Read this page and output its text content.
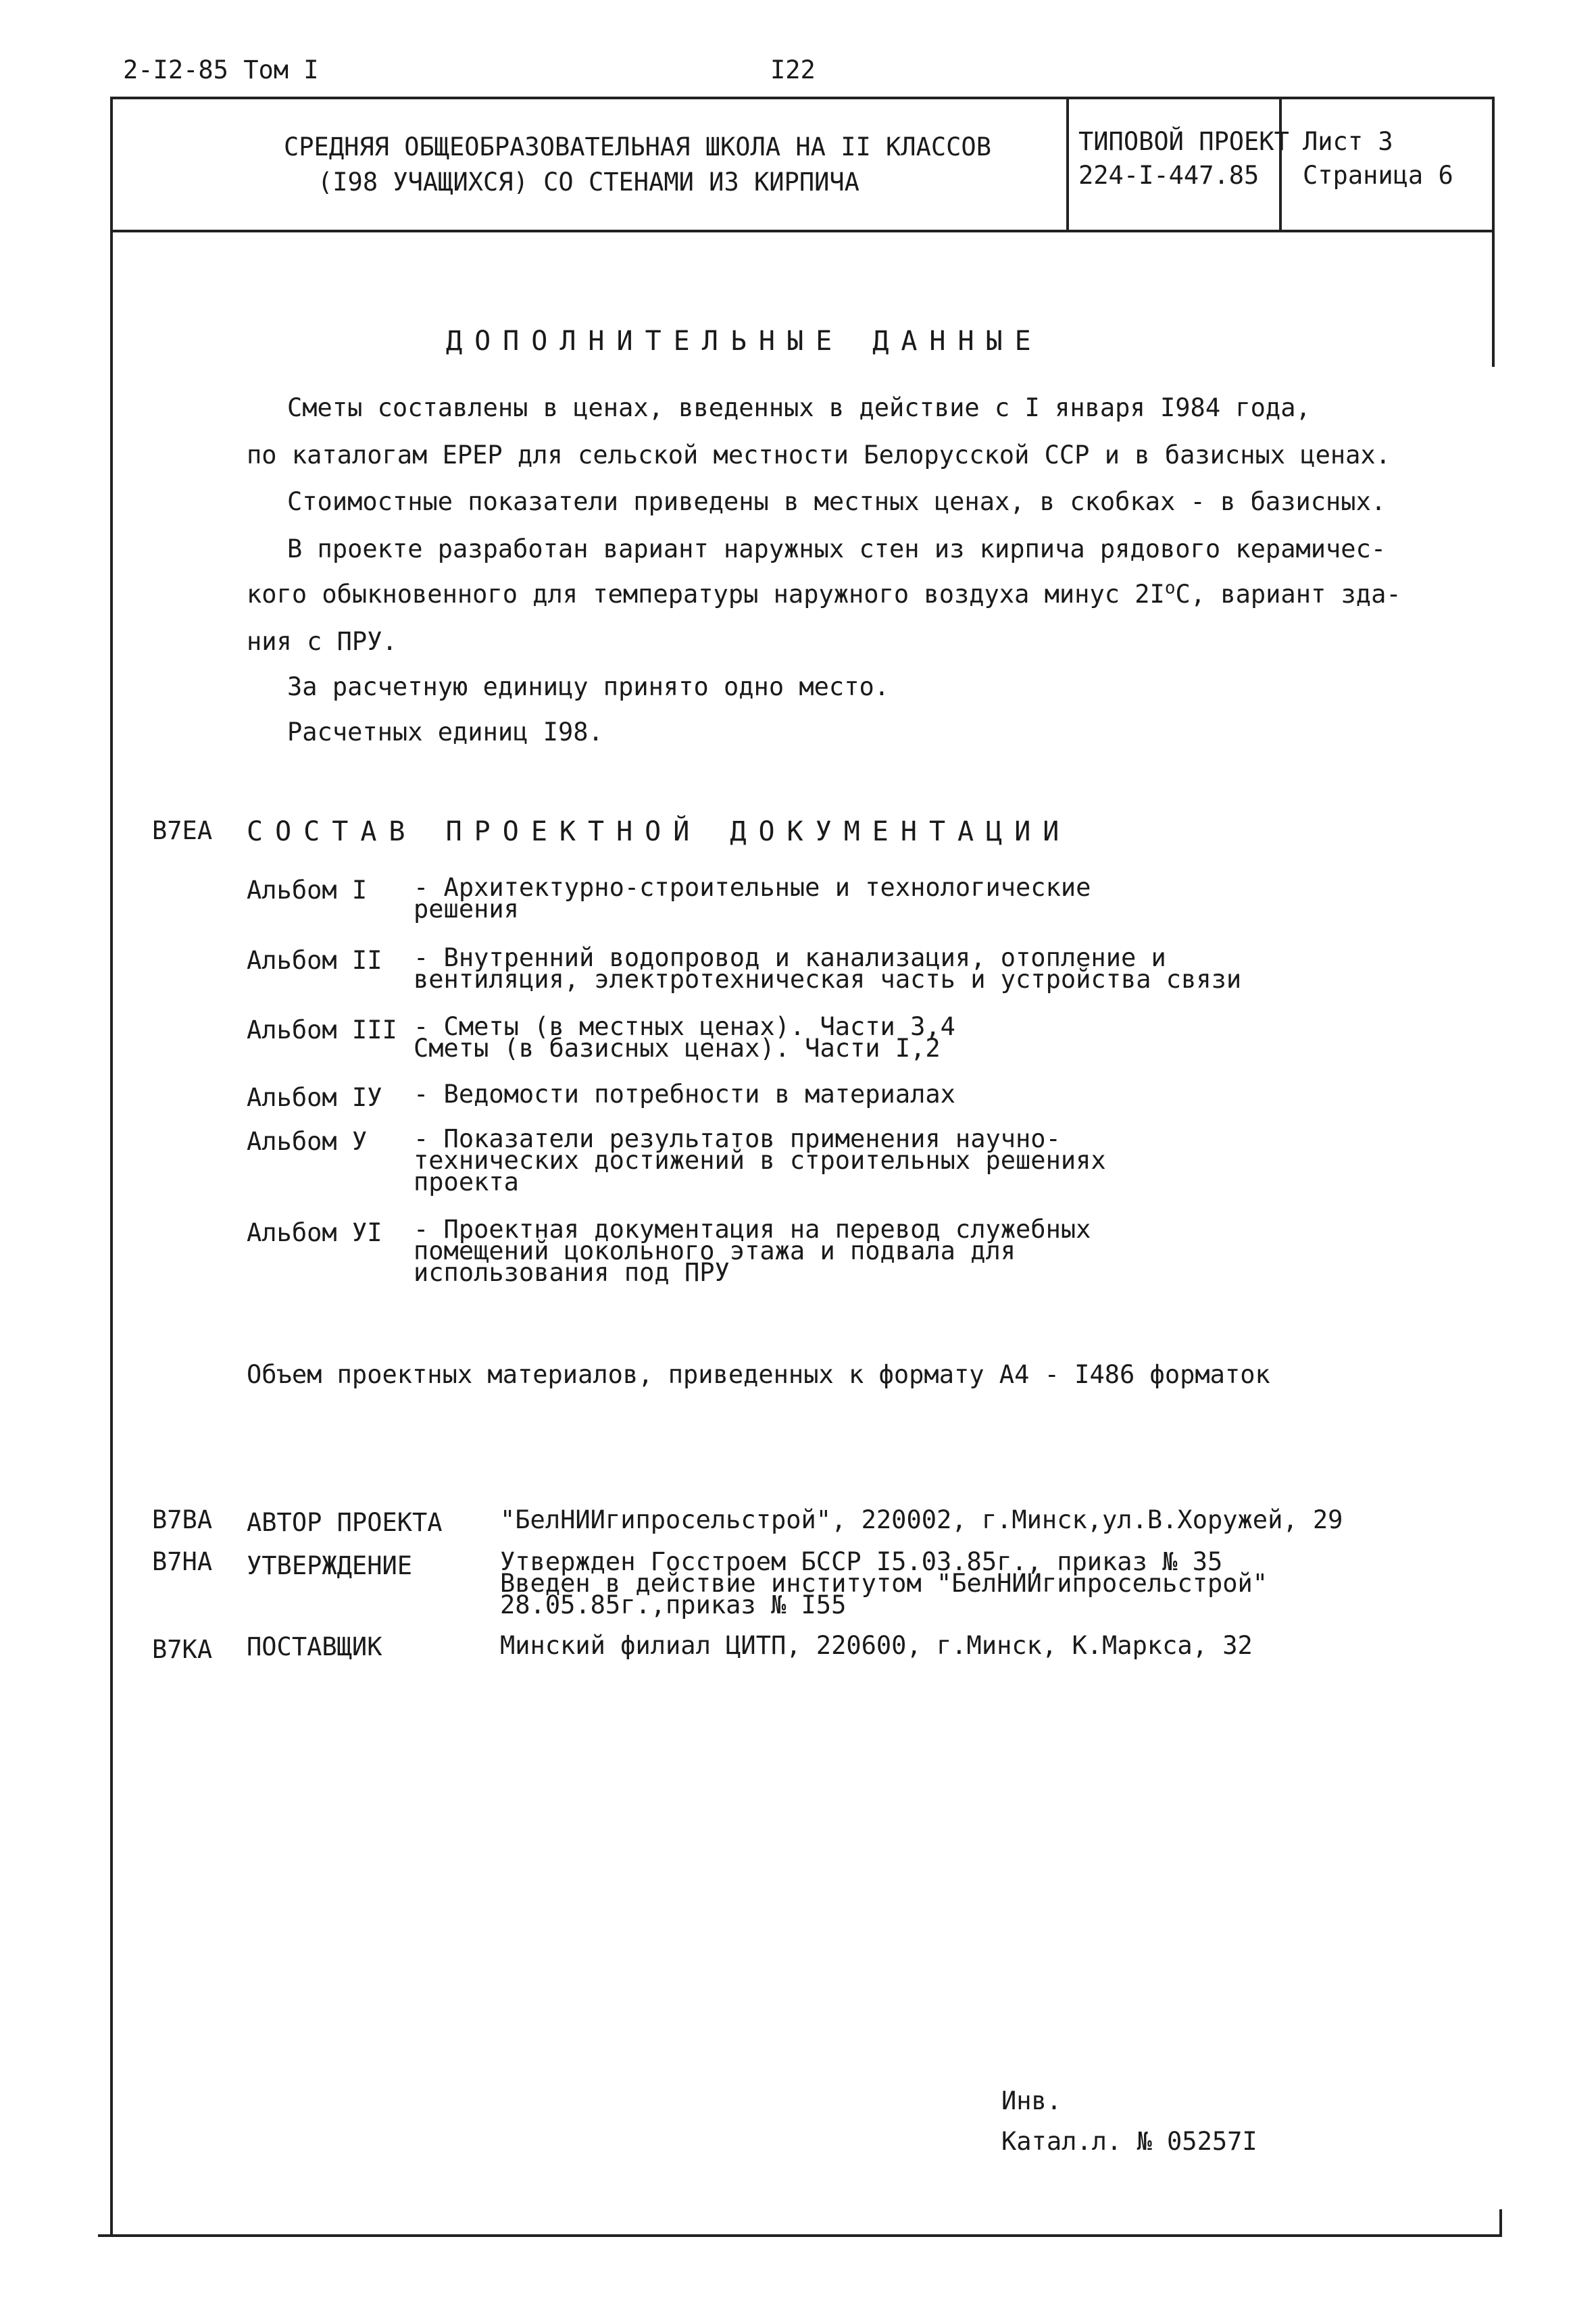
2-I2-85 Том I	I22
СРЕДНЯЯ ОБЩЕОБРАЗОВАТЕЛЬНАЯ ШКОЛА НА II КЛАССОВ
(I98 УЧАЩИХСЯ) СО СТЕНАМИ ИЗ КИРПИЧА
ТИПОВОЙ ПРОЕКТ
224-I-447.85
Лист 3
Страница 6
ДОПОЛНИТЕЛЬНЫЕ ДАННЫЕ
Сметы составлены в ценах, введенных в действие с I января I984 года,
по каталогам ЕРЕР для сельской местности Белорусской ССР и в базисных ценах.
Стоимостные показатели приведены в местных ценах, в скобках - в базисных.
В проекте разработан вариант наружных стен из кирпича рядового керамичес-
кого обыкновенного для температуры наружного воздуха минус $2I^оС$, вариант зда-
ния с ПРУ.
За расчетную единицу принято одно место.
Расчетных единиц I98.
В7ЕА СОСТАВ ПРОЕКТНОЙ ДОКУМЕНТАЦИИ
Альбом I - Архитектурно-строительные и технологические
решения
Альбом II - Внутренний водопровод и канализация, отопление и
вентиляция, электротехническая часть и устройства связи
Альбом III - Сметы (в местных ценах). Части 3,4
Сметы (в базисных ценах). Части I,2
Альбом IУ - Ведомости потребности в материалах
Альбом У - Показатели результатов применения научно-
технических достижений в строительных решениях
проекта
Альбом УI - Проектная документация на перевод служебных
помещений цокольного этажа и подвала для
использования под ПРУ
Объем проектных материалов, приведенных к формату А4 - I486 форматок
В7ВА АВТОР ПРОЕКТА "БелНИИгипросельстрой", 220002, г.Минск,ул.В.Хоружей, 29
В7НА УТВЕРЖДЕНИЕ	Утвержден Госстроем БССР I5.03.85г., приказ № 35
Введен в действие институтом "БелНИИгипросельстрой"
28.05.85г.,приказ № I55
В7КА ПОСТАВЩИК	Минский филиал ЦИТП, 220600, г.Минск, К.Маркса, 32
Инв.
Катал.л. № 05257I
